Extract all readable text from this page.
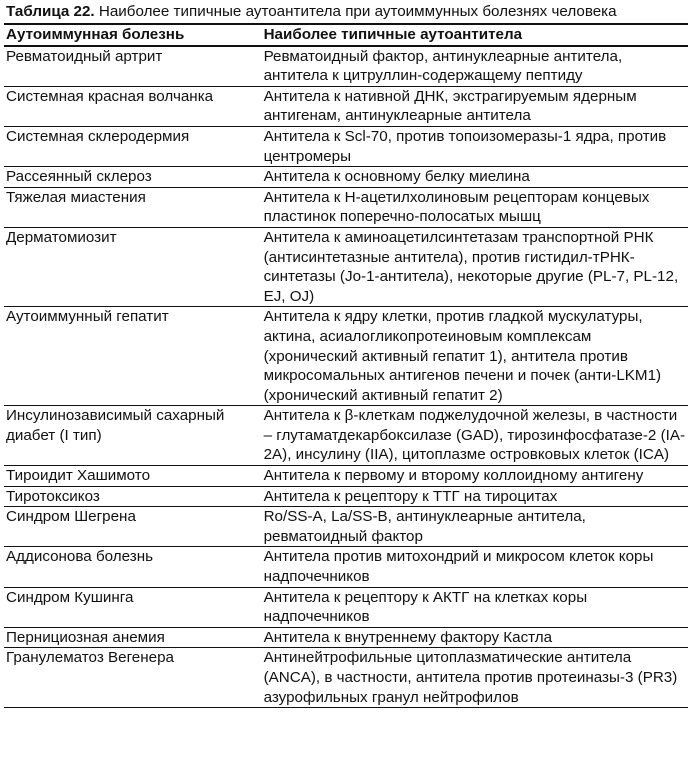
Таблица 22. Наиболее типичные аутоантитела при аутоиммунных болезнях человека
Аутоиммунная болезнь	Наиболее типичные аутоантитела
Ревматоидный артрит	Ревматоидный фактор, антинуклеарные антитела, антитела к цитруллин-содержащему пептиду
Системная красная волчанка	Антитела к нативной ДНК, экстрагируемым ядерным антигенам, антинуклеарные антитела
Системная склеродермия	Антитела к Scl-70, против топоизомеразы-1 ядра, против центромеры
Рассеянный склероз	Антитела к основному белку миелина
Тяжелая миастения	Антитела к Н-ацетилхолиновым рецепторам концевых пластинок поперечно-полосатых мышц
Дерматомиозит	Антитела к аминоацетилсинтетазам транспортной РНК (антисинтетазные антитела), против гистидил-тРНК-синтетазы (Jo-1-антитела), некоторые другие (PL-7, PL-12, EJ, OJ)
Аутоиммунный гепатит	Антитела к ядру клетки, против гладкой мускулатуры, актина, асиалогликопротеиновым комплексам (хронический активный гепатит 1), антитела против микросомальных антигенов печени и почек (анти-LKM1) (хронический активный гепатит 2)
Инсулинозависимый сахарный диабет (I тип)	Антитела к β-клеткам поджелудочной железы, в частности – глутаматдекарбоксилазе (GAD), тирозинфосфатазе-2 (IA-2A), инсулину (IIA), цитоплазме островковых клеток (ICA)
Тироидит Хашимото	Антитела к первому и второму коллоидному антигену
Тиротоксикоз	Антитела к рецептору к ТТГ на тироцитах
Синдром Шегрена	Ro/SS-A, La/SS-B, антинуклеарные антитела, ревматоидный фактор
Аддисонова болезнь	Антитела против митохондрий и микросом клеток коры надпочечников
Синдром Кушинга	Антитела к рецептору к АКТГ на клетках коры надпочечников
Пернициозная анемия	Антитела к внутреннему фактору Кастла
Гранулематоз Вегенера	Антинейтрофильные цитоплазматические антитела (ANCA), в частности, антитела против протеиназы-3 (PR3) азурофильных гранул нейтрофилов
